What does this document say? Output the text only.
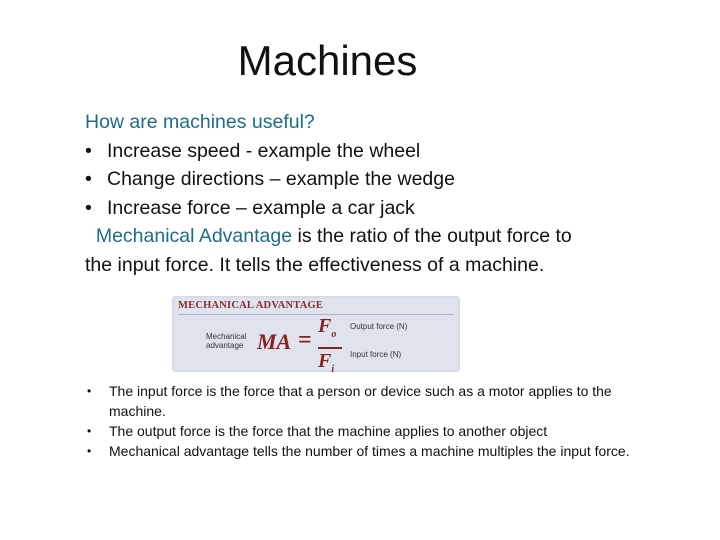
Machines
How are machines useful?
• Increase speed - example the wheel
• Change directions – example the wedge
• Increase force – example a car jack
Mechanical Advantage is the ratio of the output force to
the input force. It tells the effectiveness of a machine.
MECHANICAL ADVANTAGE
Mechanical
advantage MA =
$F_o$
$F_i$
Output force (N)
Input force (N)
• The input force is the force that a person or device such as a motor applies to the machine.
• The output force is the force that the machine applies to another object
• Mechanical advantage tells the number of times a machine multiples the input force.
